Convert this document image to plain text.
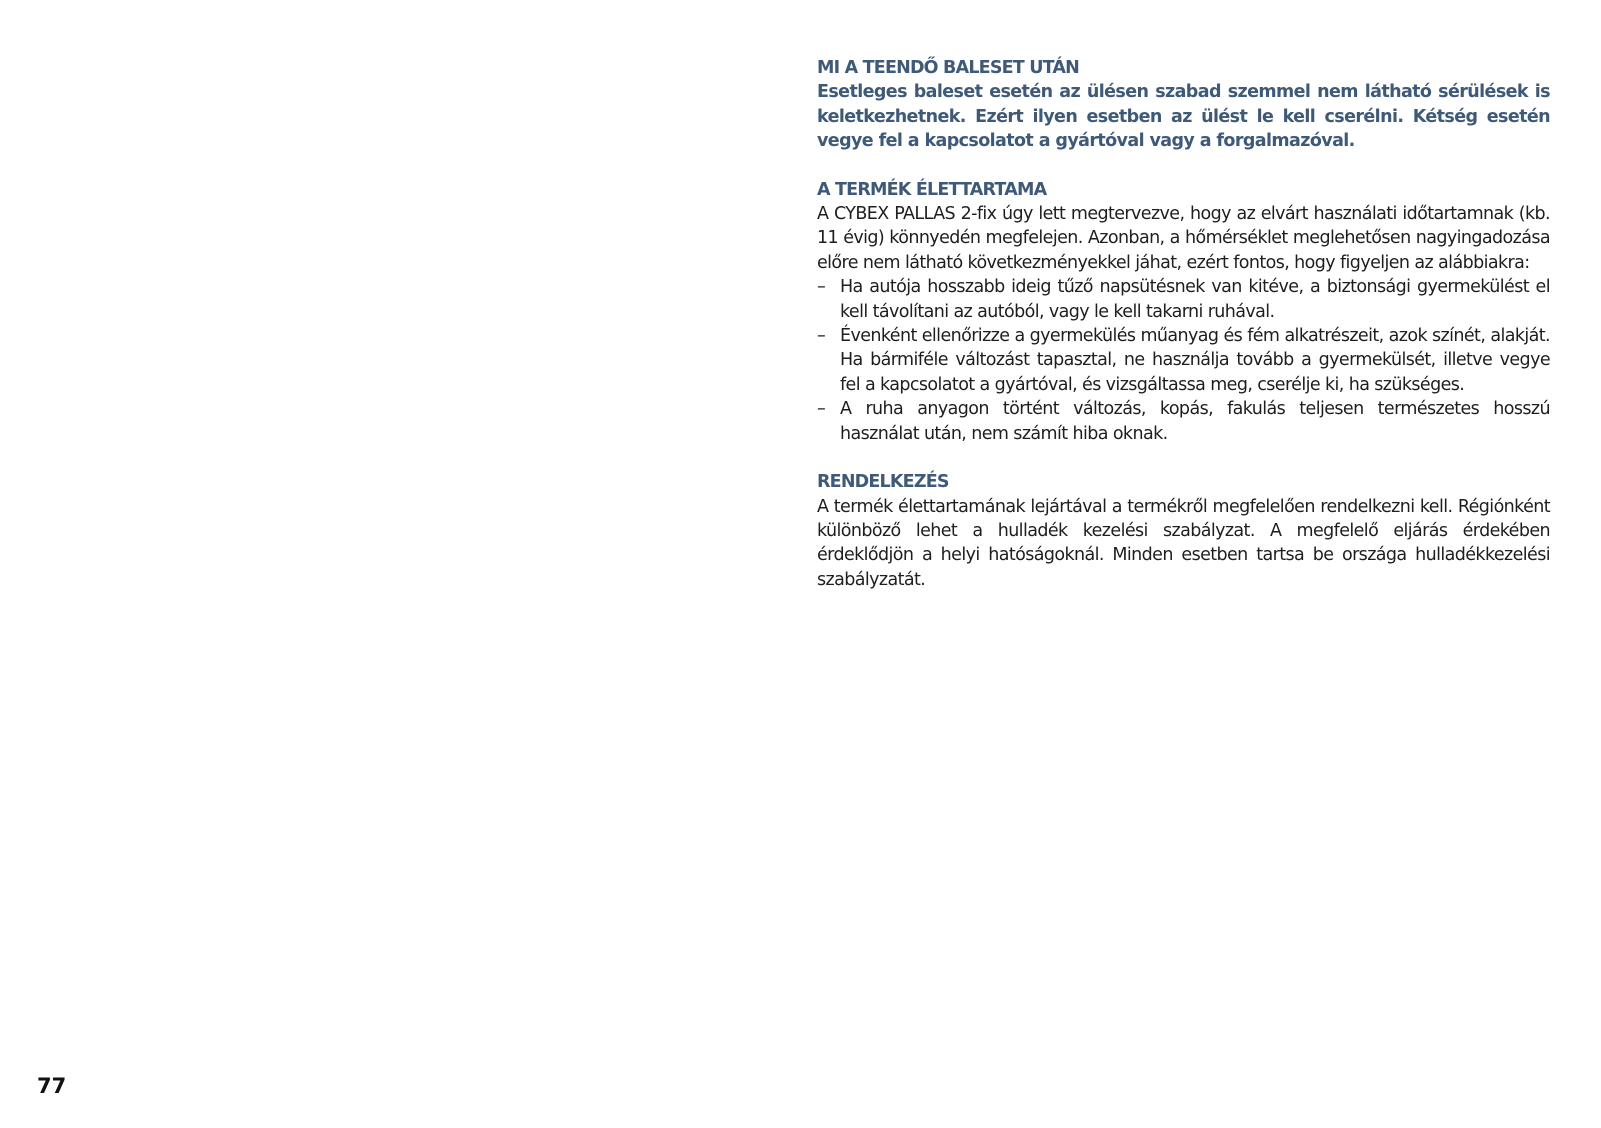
MI A TEENDŐ BALESET UTÁN

Esetleges baleset esetén az ülésen szabad szemmel nem látható sérülések is keletkezhetnek. Ezért ilyen esetben az ülést le kell cserélni. Kétség esetén vegye fel a kapcsolatot a gyártóval vagy a forgalmazóval.

A TERMÉK ÉLETTARTAMA

A CYBEX PALLAS 2-fix úgy lett megtervezve, hogy az elvárt használati időtartamnak (kb. 11 évig) könnyedén megfelejen. Azonban, a hőmérséklet meglehetősen nagyingadozása előre nem látható következményekkel jáhat, ezért fontos, hogy figyeljen az alábbiakra:

– Ha autója hosszabb ideig tűző napsütésnek van kitéve, a biztonsági gyermekülést el kell távolítani az autóból, vagy le kell takarni ruhával.
– Évenként ellenőrizze a gyermekülés műanyag és fém alkatrészeit, azok színét, alakját. Ha bármiféle változást tapasztal, ne használja tovább a gyermekülsét, illetve vegye fel a kapcsolatot a gyártóval, és vizsgáltassa meg, cserélje ki, ha szükséges.
– A ruha anyagon történt változás, kopás, fakulás teljesen természetes hosszú használat után, nem számít hiba oknak.
RENDELKEZÉS

A termék élettartamának lejártával a termékről megfelelően rendelkezni kell. Régiónként különböző lehet a hulladék kezelési szabályzat. A megfelelő eljárás érdekében érdeklődjön a helyi hatóságoknál. Minden esetben tartsa be országa hulladékkezelési szabályzatát.

77
